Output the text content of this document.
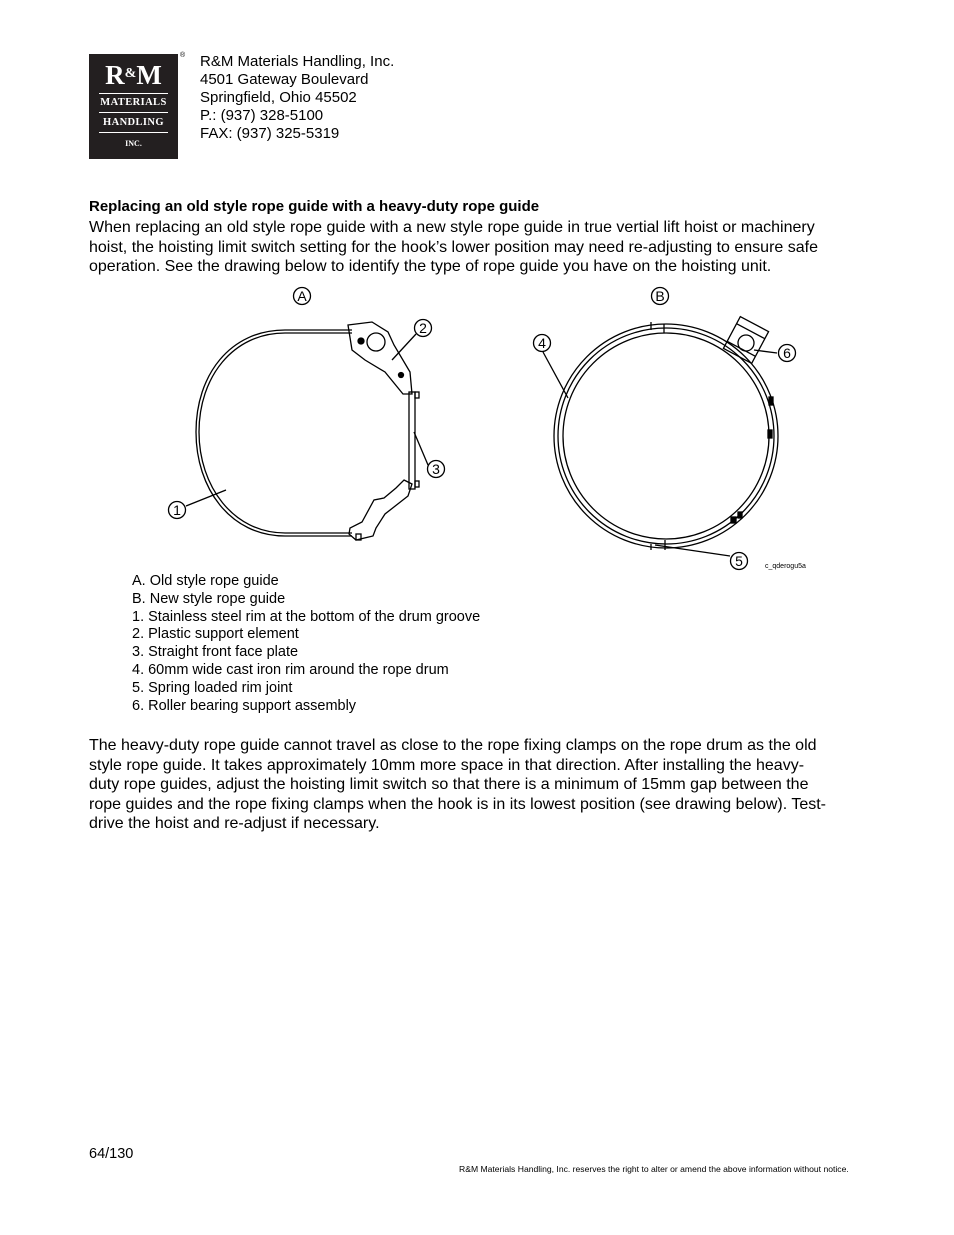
R&M
MATERIALS
HANDLING
INC.
® R&M Materials Handling, Inc.
4501 Gateway Boulevard
Springfield, Ohio 45502
P.: (937) 328-5100
FAX: (937) 325-5319
Replacing an old style rope guide with a heavy-duty rope guide
When replacing an old style rope guide with a new style rope guide in true vertial lift hoist or machinery
hoist, the hoisting limit switch setting for the hook’s lower position may need re-adjusting to ensure safe
operation. See the drawing below to identify the type of rope guide you have on the hoisting unit.
A	B
1
2
3
4
5
6
c_qderogu5a
A. Old style rope guide
B. New style rope guide
1. Stainless steel rim at the bottom of the drum groove
2. Plastic support element
3. Straight front face plate
4. 60mm wide cast iron rim around the rope drum
5. Spring loaded rim joint
6. Roller bearing support assembly
The heavy-duty rope guide cannot travel as close to the rope fixing clamps on the rope drum as the old
style rope guide. It takes approximately 10mm more space in that direction. After installing the heavy-
duty rope guides, adjust the hoisting limit switch so that there is a minimum of 15mm gap between the
rope guides and the rope fixing clamps when the hook is in its lowest position (see drawing below). Test-
drive the hoist and re-adjust if necessary.
64/130
R&M Materials Handling, Inc. reserves the right to alter or amend the above information without notice.
